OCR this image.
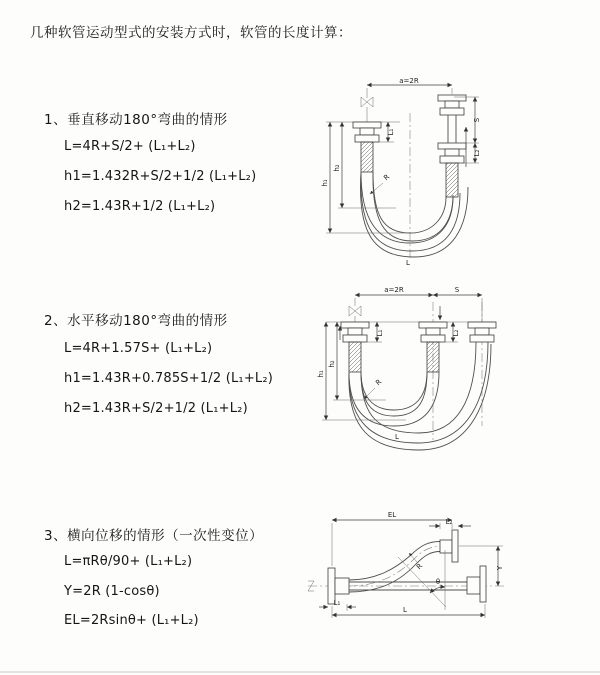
几种软管运动型式的安装方式时，软管的长度计算：
1、垂直移动180°弯曲的情形
L=4R+S/2+ (L₁+L₂)
h1=1.432R+S/2+1/2 (L₁+L₂)
h2=1.43R+1/2 (L₁+L₂)
2、水平移动180°弯曲的情形
L=4R+1.57S+ (L₁+L₂)
h1=1.43R+0.785S+1/2 (L₁+L₂)
h2=1.43R+S/2+1/2 (L₁+L₂)
3、横向位移的情形（一次性变位）
L=πRθ/90+ (L₁+L₂)
Y=2R (1-cosθ)
EL=2Rsinθ+ (L₁+L₂)
a=2R
h₁
h₂
L₁
S
L₂
R
L
a=2R	S
h₁
h₂
L₁	L₂
R
L
EL
L₂
Y
θ
R
L
L₁
